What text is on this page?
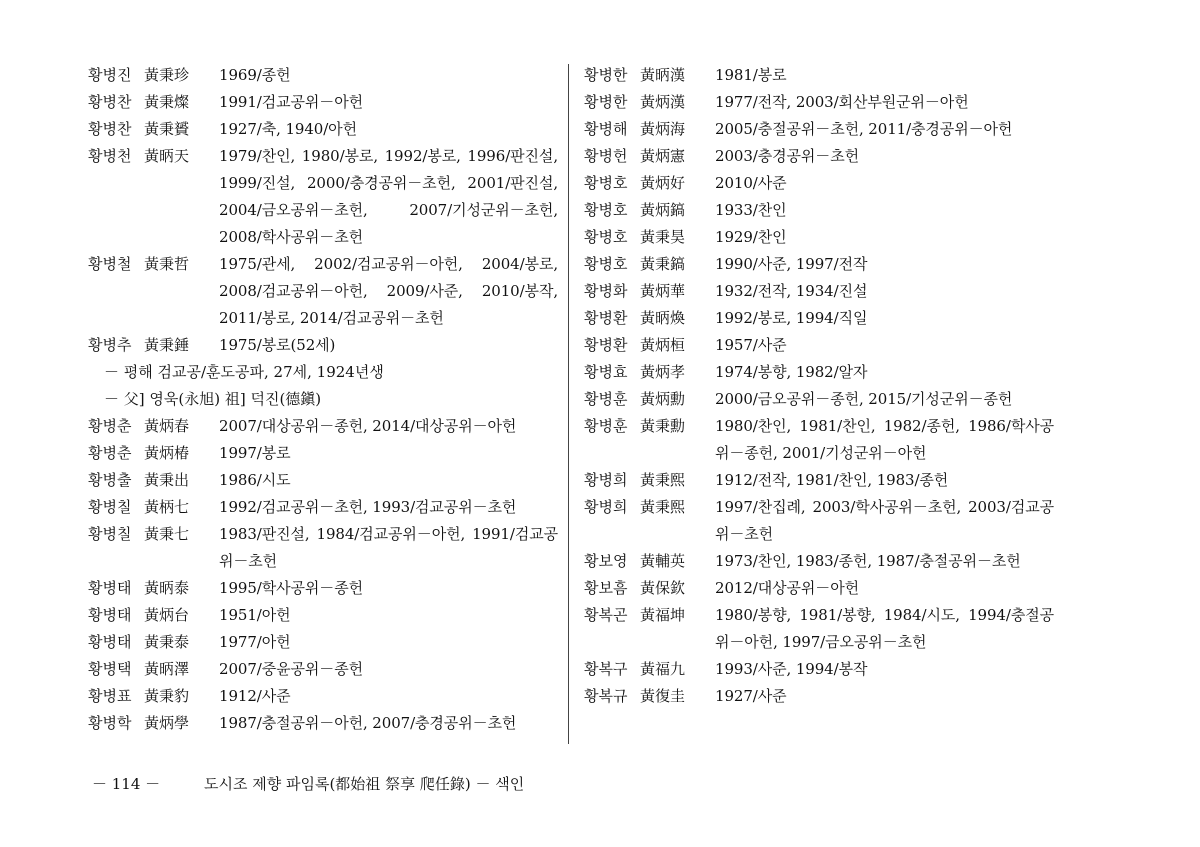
황병진 黃秉珍	1969/종헌
황병찬 黃秉燦	1991/검교공위－아헌
황병찬 黃秉贇	1927/축, 1940/아헌
황병천 黃昞天	1979/찬인, 1980/봉로, 1992/봉로, 1996/판진설, 1999/진설, 2000/충경공위－초헌, 2001/판진설, 2004/금오공위－초헌, 2007/기성군위－초헌, 2008/학사공위－초헌
황병철 黃秉哲	1975/관세, 2002/검교공위－아헌, 2004/봉로, 2008/검교공위－아헌, 2009/사준, 2010/봉작, 2011/봉로, 2014/검교공위－초헌
황병추 黃秉錘	1975/봉로(52세)
－ 평해 검교공/훈도공파, 27세, 1924년생
－ 父] 영욱(永旭) 祖] 덕진(德鎭)
황병춘 黃炳春	2007/대상공위－종헌, 2014/대상공위－아헌
황병춘 黃炳椿	1997/봉로
황병출 黃秉出	1986/시도
황병칠 黃柄七	1992/검교공위－초헌, 1993/검교공위－초헌
황병칠 黃秉七	1983/판진설, 1984/검교공위－아헌, 1991/검교공위－초헌
황병태 黃昞泰	1995/학사공위－종헌
황병태 黃炳台	1951/아헌
황병태 黃秉泰	1977/아헌
황병택 黃昞澤	2007/중윤공위－종헌
황병표 黃秉豹	1912/사준
황병학 黃炳學	1987/충절공위－아헌, 2007/충경공위－초헌
황병한 黃昞漢	1981/봉로
황병한 黃炳漢	1977/전작, 2003/회산부원군위－아헌
황병해 黃炳海	2005/충절공위－초헌, 2011/충경공위－아헌
황병헌 黃炳憲	2003/충경공위－초헌
황병호 黃炳好	2010/사준
황병호 黃炳鎬	1933/찬인
황병호 黃秉昊	1929/찬인
황병호 黃秉鎬	1990/사준, 1997/전작
황병화 黃炳華	1932/전작, 1934/진설
황병환 黃昞煥	1992/봉로, 1994/직일
황병환 黃炳桓	1957/사준
황병효 黃炳孝	1974/봉향, 1982/알자
황병훈 黃炳勳	2000/금오공위－종헌, 2015/기성군위－종헌
황병훈 黃秉勳	1980/찬인, 1981/찬인, 1982/종헌, 1986/학사공위－종헌, 2001/기성군위－아헌
황병희 黃秉熙	1912/전작, 1981/찬인, 1983/종헌
황병희 黃秉熙	1997/찬집례, 2003/학사공위－초헌, 2003/검교공위－초헌
황보영 黃輔英	1973/찬인, 1983/종헌, 1987/충절공위－초헌
황보흠 黃保欽	2012/대상공위－아헌
황복곤 黃福坤	1980/봉향, 1981/봉향, 1984/시도, 1994/충절공위－아헌, 1997/금오공위－초헌
황복구 黃福九	1993/사준, 1994/봉작
황복규 黃復圭	1927/사준
－ 114 －	도시조 제향 파임록(都始祖 祭享 爬任錄) － 색인
